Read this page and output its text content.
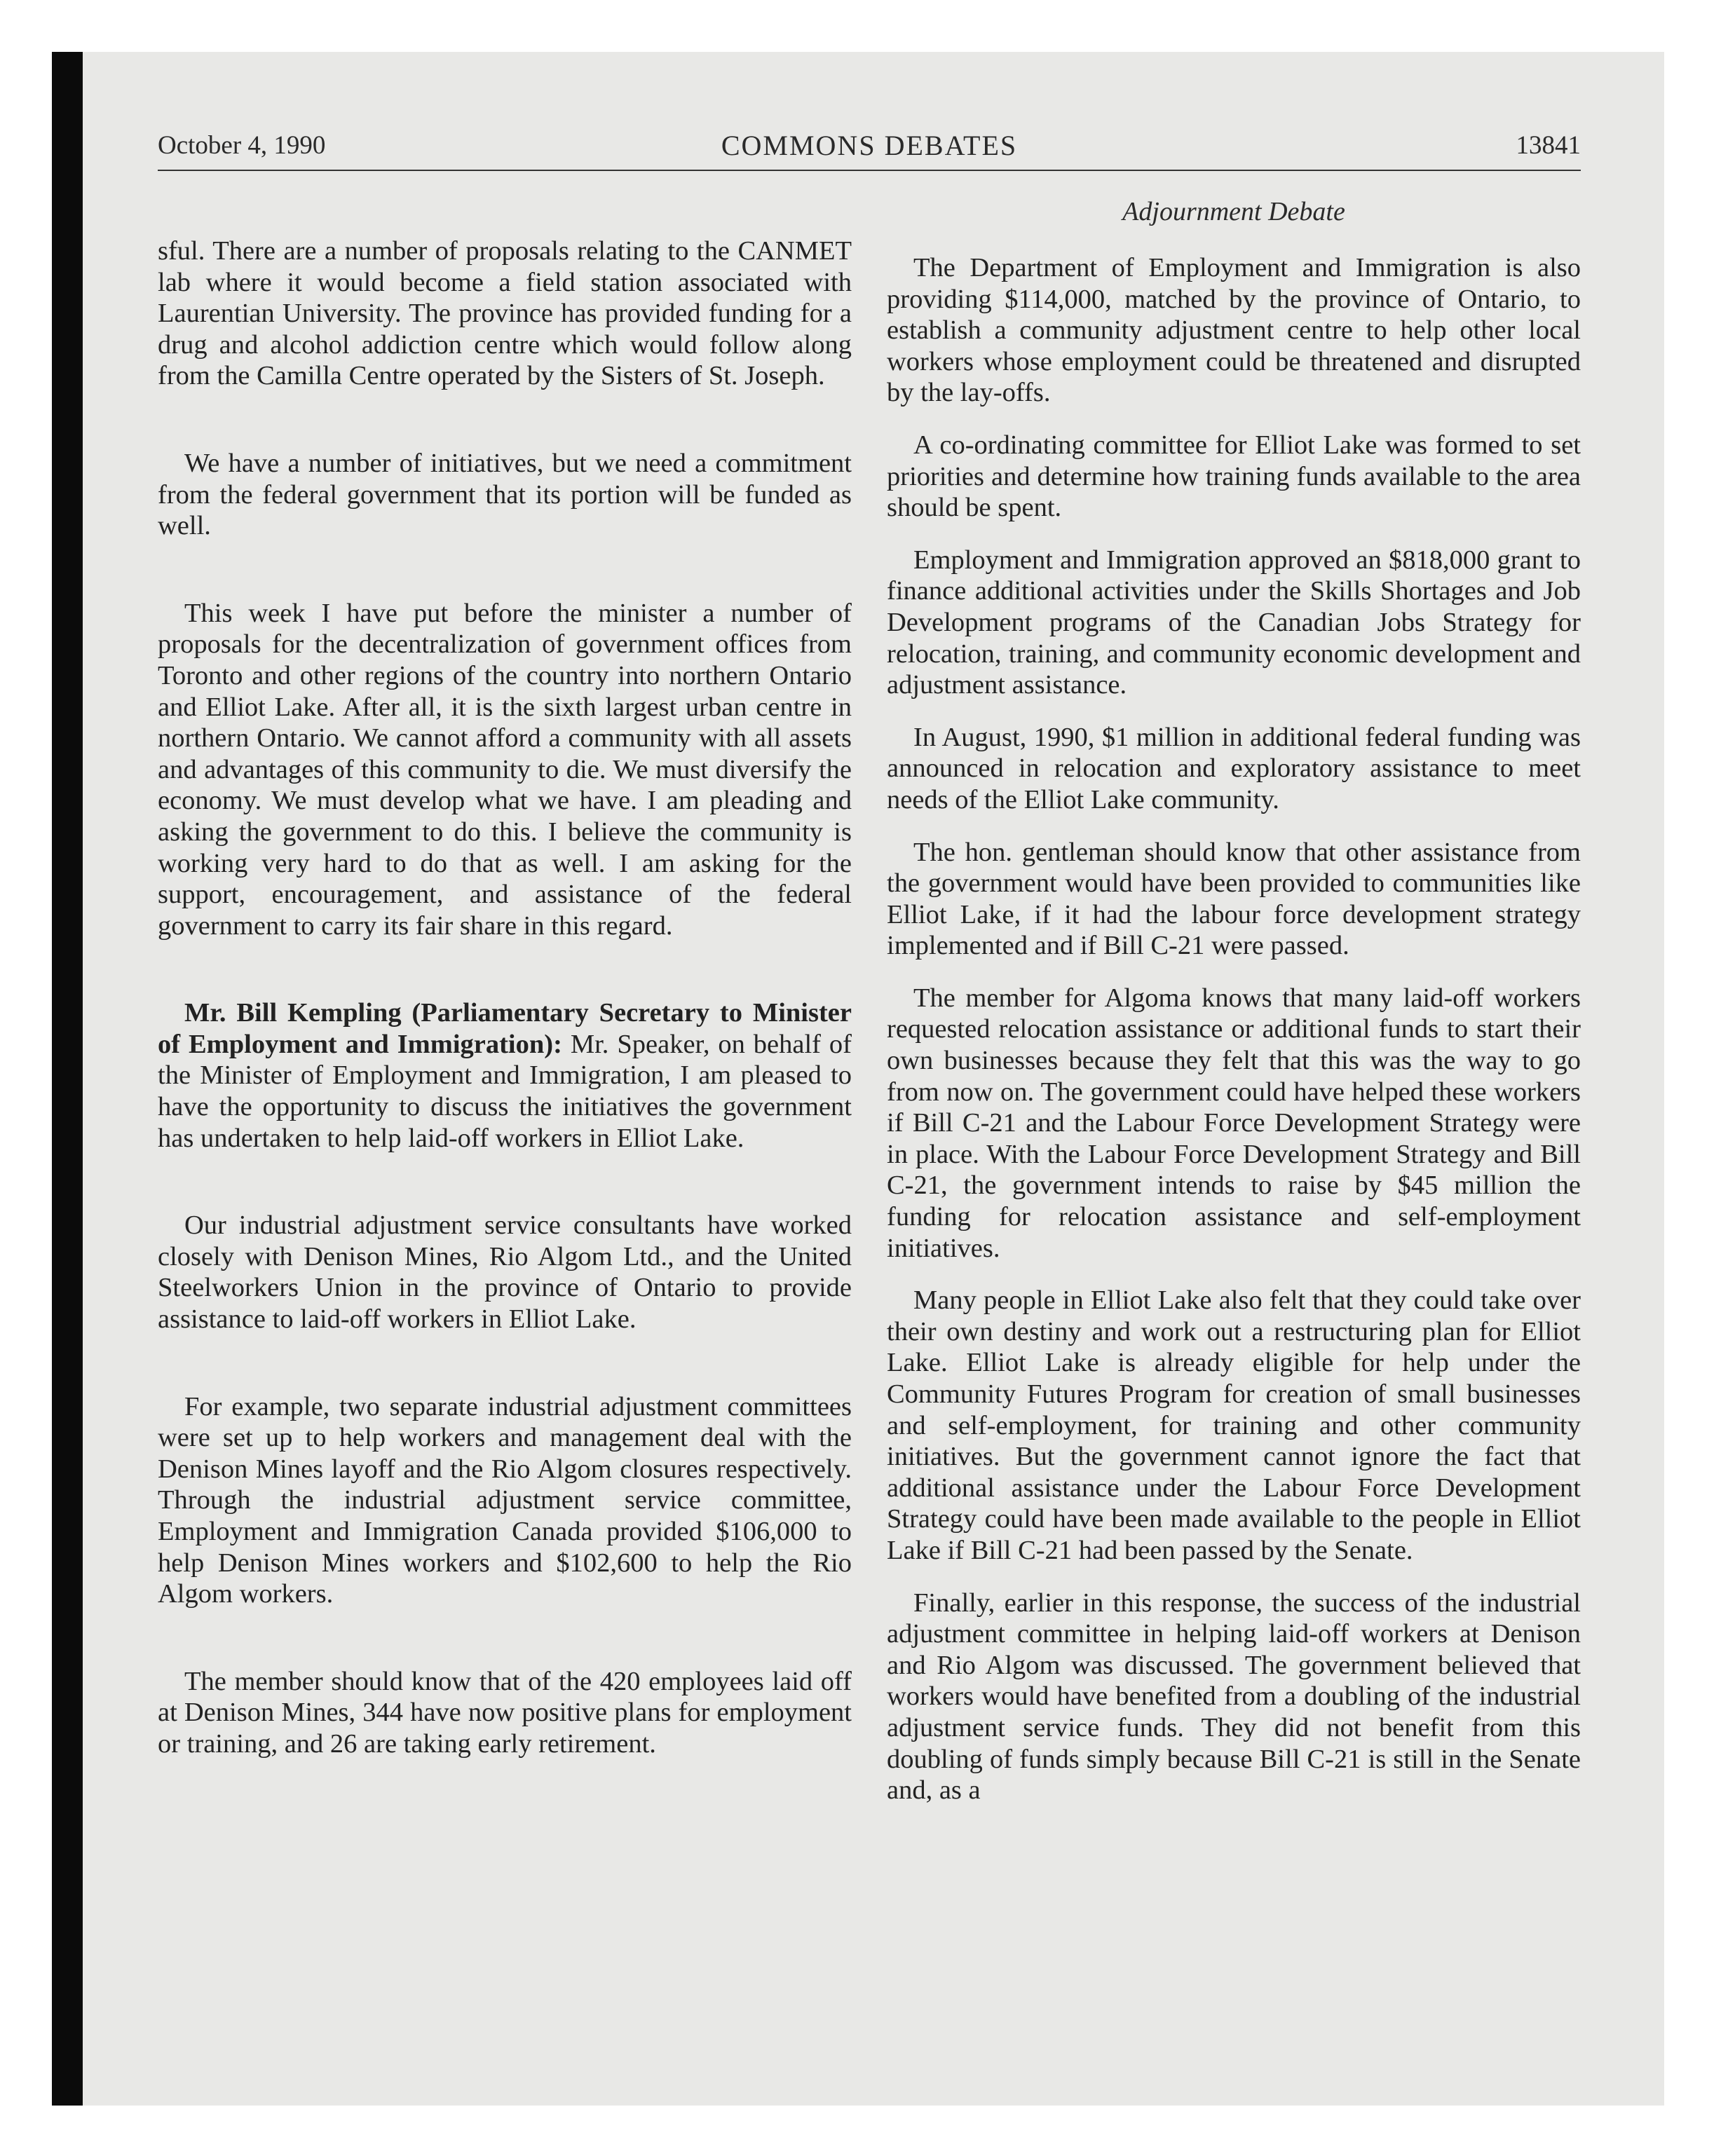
October 4, 1990	COMMONS DEBATES	13841

sful. There are a number of proposals relating to the CANMET lab where it would become a field station associated with Laurentian University. The province has provided funding for a drug and alcohol addiction centre which would follow along from the Camilla Centre operated by the Sisters of St. Joseph.

We have a number of initiatives, but we need a commitment from the federal government that its portion will be funded as well.

This week I have put before the minister a number of proposals for the decentralization of government offices from Toronto and other regions of the country into northern Ontario and Elliot Lake. After all, it is the sixth largest urban centre in northern Ontario. We cannot afford a community with all assets and advantages of this community to die. We must diversify the economy. We must develop what we have. I am pleading and asking the government to do this. I believe the community is working very hard to do that as well. I am asking for the support, encouragement, and assistance of the federal government to carry its fair share in this regard.

Mr. Bill Kempling (Parliamentary Secretary to Minister of Employment and Immigration): Mr. Speaker, on behalf of the Minister of Employment and Immigration, I am pleased to have the opportunity to discuss the initiatives the government has undertaken to help laid-off workers in Elliot Lake.

Our industrial adjustment service consultants have worked closely with Denison Mines, Rio Algom Ltd., and the United Steelworkers Union in the province of Ontario to provide assistance to laid-off workers in Elliot Lake.

For example, two separate industrial adjustment committees were set up to help workers and management deal with the Denison Mines layoff and the Rio Algom closures respectively. Through the industrial adjustment service committee, Employment and Immigration Canada provided $106,000 to help Denison Mines workers and $102,600 to help the Rio Algom workers.

The member should know that of the 420 employees laid off at Denison Mines, 344 have now positive plans for employment or training, and 26 are taking early retirement.

Adjournment Debate

The Department of Employment and Immigration is also providing $114,000, matched by the province of Ontario, to establish a community adjustment centre to help other local workers whose employment could be threatened and disrupted by the lay-offs.

A co-ordinating committee for Elliot Lake was formed to set priorities and determine how training funds available to the area should be spent.

Employment and Immigration approved an $818,000 grant to finance additional activities under the Skills Shortages and Job Development programs of the Canadian Jobs Strategy for relocation, training, and community economic development and adjustment assistance.

In August, 1990, $1 million in additional federal funding was announced in relocation and exploratory assistance to meet needs of the Elliot Lake community.

The hon. gentleman should know that other assistance from the government would have been provided to communities like Elliot Lake, if it had the labour force development strategy implemented and if Bill C-21 were passed.

The member for Algoma knows that many laid-off workers requested relocation assistance or additional funds to start their own businesses because they felt that this was the way to go from now on. The government could have helped these workers if Bill C-21 and the Labour Force Development Strategy were in place. With the Labour Force Development Strategy and Bill C-21, the government intends to raise by $45 million the funding for relocation assistance and self-employment initiatives.

Many people in Elliot Lake also felt that they could take over their own destiny and work out a restructuring plan for Elliot Lake. Elliot Lake is already eligible for help under the Community Futures Program for creation of small businesses and self-employment, for training and other community initiatives. But the government cannot ignore the fact that additional assistance under the Labour Force Development Strategy could have been made available to the people in Elliot Lake if Bill C-21 had been passed by the Senate.

Finally, earlier in this response, the success of the industrial adjustment committee in helping laid-off workers at Denison and Rio Algom was discussed. The government believed that workers would have benefited from a doubling of the industrial adjustment service funds. They did not benefit from this doubling of funds simply because Bill C-21 is still in the Senate and, as a
